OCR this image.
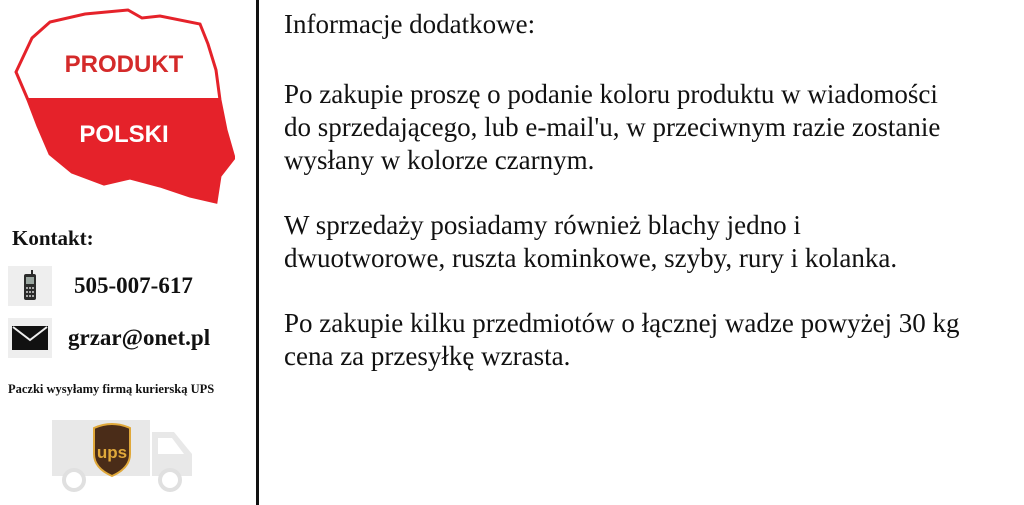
PRODUKT
POLSKI
Kontakt:
505-007-617
grzar@onet.pl
Paczki wysyłamy firmą kurierską UPS
ups

Informacje dodatkowe:

Po zakupie proszę o podanie koloru produktu w wiadomości
do sprzedającego, lub e-mail'u, w przeciwnym razie zostanie
wysłany w kolorze czarnym.

W sprzedaży posiadamy również blachy jedno i
dwuotworowe, ruszta kominkowe, szyby, rury i kolanka.

Po zakupie kilku przedmiotów o łącznej wadze powyżej 30 kg
cena za przesyłkę wzrasta.
